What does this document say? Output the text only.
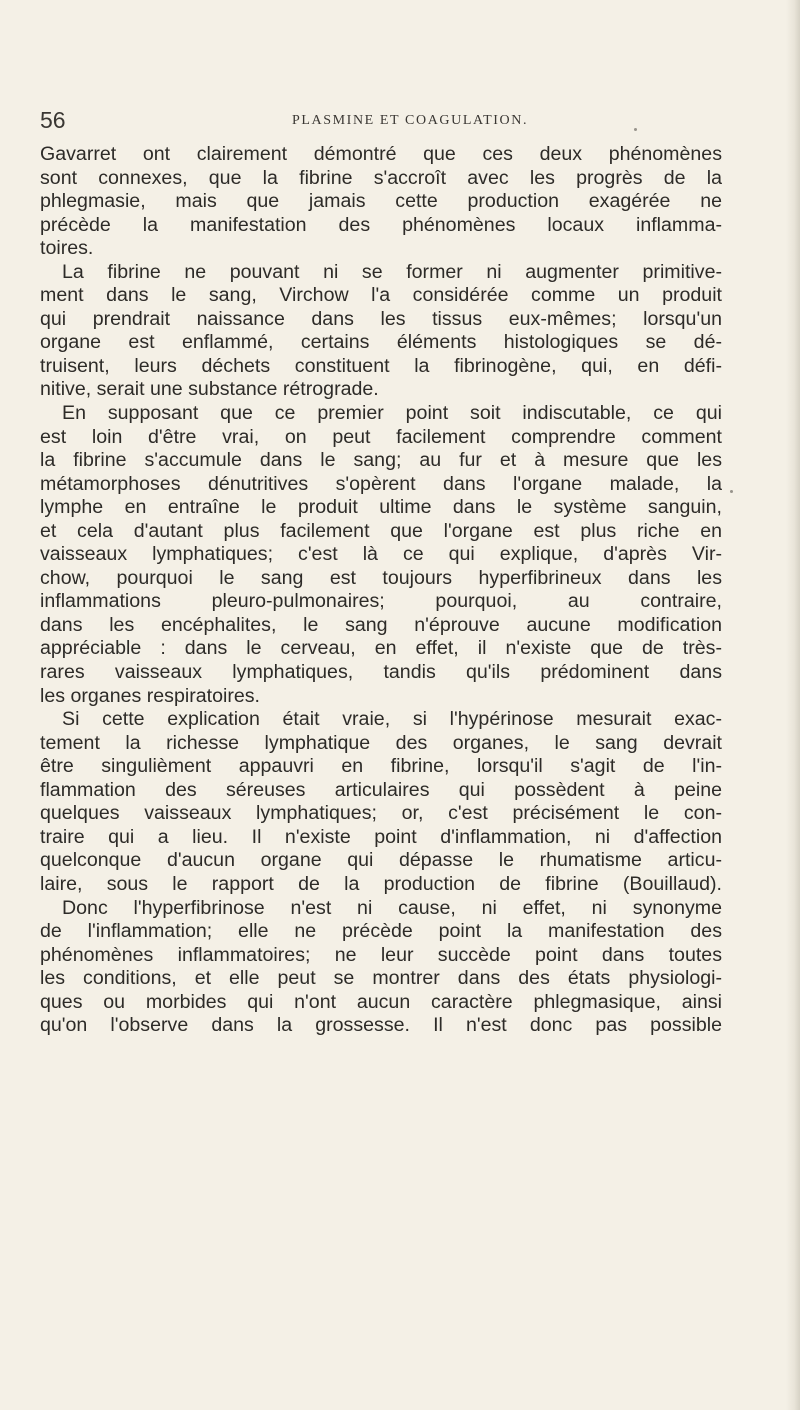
56	PLASMINE ET COAGULATION.
Gavarret ont clairement démontré que ces deux phénomènes
sont connexes, que la fibrine s'accroît avec les progrès de la
phlegmasie, mais que jamais cette production exagérée ne
précède la manifestation des phénomènes locaux inflamma-
toires.
La fibrine ne pouvant ni se former ni augmenter primitive-
ment dans le sang, Virchow l'a considérée comme un produit
qui prendrait naissance dans les tissus eux-mêmes; lorsqu'un
organe est enflammé, certains éléments histologiques se dé-
truisent, leurs déchets constituent la fibrinogène, qui, en défi-
nitive, serait une substance rétrograde.
En supposant que ce premier point soit indiscutable, ce qui
est loin d'être vrai, on peut facilement comprendre comment
la fibrine s'accumule dans le sang; au fur et à mesure que les
métamorphoses dénutritives s'opèrent dans l'organe malade, la
lymphe en entraîne le produit ultime dans le système sanguin,
et cela d'autant plus facilement que l'organe est plus riche en
vaisseaux lymphatiques; c'est là ce qui explique, d'après Vir-
chow, pourquoi le sang est toujours hyperfibrineux dans les
inflammations pleuro-pulmonaires; pourquoi, au contraire,
dans les encéphalites, le sang n'éprouve aucune modification
appréciable : dans le cerveau, en effet, il n'existe que de très-
rares vaisseaux lymphatiques, tandis qu'ils prédominent dans
les organes respiratoires.
Si cette explication était vraie, si l'hypérinose mesurait exac-
tement la richesse lymphatique des organes, le sang devrait
être singulièment appauvri en fibrine, lorsqu'il s'agit de l'in-
flammation des séreuses articulaires qui possèdent à peine
quelques vaisseaux lymphatiques; or, c'est précisément le con-
traire qui a lieu. Il n'existe point d'inflammation, ni d'affection
quelconque d'aucun organe qui dépasse le rhumatisme articu-
laire, sous le rapport de la production de fibrine (Bouillaud).
Donc l'hyperfibrinose n'est ni cause, ni effet, ni synonyme
de l'inflammation; elle ne précède point la manifestation des
phénomènes inflammatoires; ne leur succède point dans toutes
les conditions, et elle peut se montrer dans des états physiologi-
ques ou morbides qui n'ont aucun caractère phlegmasique, ainsi
qu'on l'observe dans la grossesse. Il n'est donc pas possible
